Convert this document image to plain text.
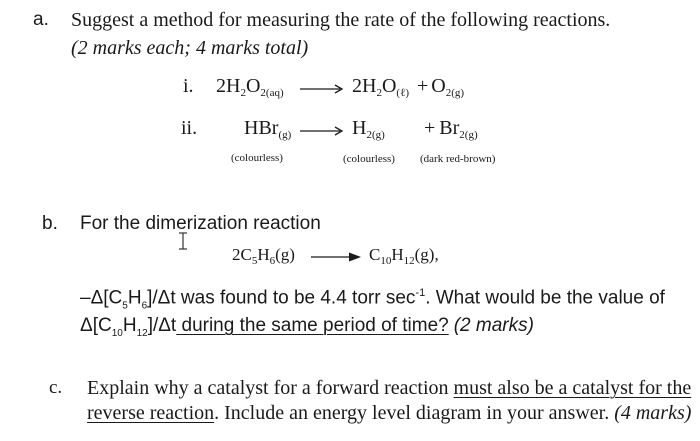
a. Suggest a method for measuring the rate of the following reactions.
(2 marks each; 4 marks total)
i. $2H_2O_{2(aq)}$	$2H_2O_{(\ell)} + O_{2(g)}$
ii. HBr$_{(g)}$	$H_{2(g)} + Br_{2(g)}$
(colourless)	(colourless) (dark red-brown)
b. For the dimerization reaction
$2C_5H_6(g)$	$C_{10}H_{12}(g)$,
$-\Delta[C_5H_6]/\Delta t$ was found to be 4.4 torr $\sec^{-1}$. What would be the value of
$\Delta[C_{10}H_{12}]/\Delta t$ during the same period of time? (2 marks)
c. Explain why a catalyst for a forward reaction must also be a catalyst for the
reverse reaction. Include an energy level diagram in your answer. (4 marks)
